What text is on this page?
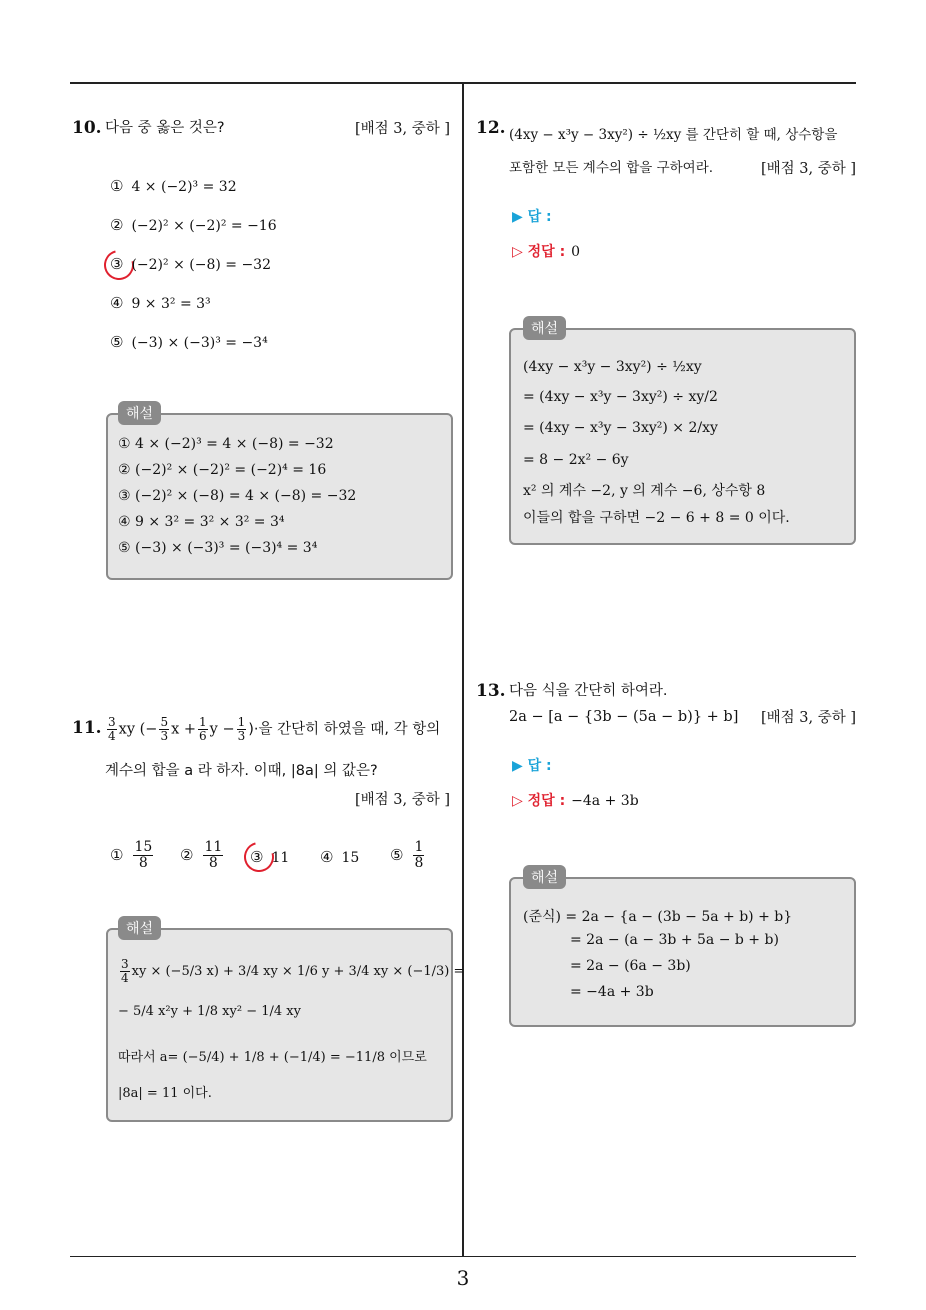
3
10. 다음 중 옳은 것은?	[배점 3, 중하 ]
① 4 × (−2)³ = 32
② (−2)² × (−2)² = −16
③ (−2)² × (−8) = −32
④ 9 × 3² = 3³
⑤ (−3) × (−3)³ = −3⁴
해설
① 4 × (−2)³ = 4 × (−8) = −32
② (−2)² × (−2)² = (−2)⁴ = 16
③ (−2)² × (−8) = 4 × (−8) = −32
④ 9 × 3² = 3² × 3² = 3⁴
⑤ (−3) × (−3)³ = (−3)⁴ = 3⁴
11. $\frac{3}{4}$ xy (− $\frac{5}{3}$ $x + \frac{1}{6}$ $y - \frac{1}{3}$ )·을 간단히 하였을 때, 각 항의
계수의 합을 a 라 하자. 이때, |8a| 의 값은?
[배점 3, 중하 ]
① $\frac{15}{8}$ ② $\frac{11}{8}$ ③ 11 ④ 15 ⑤ $\frac{1}{8}$
해설
$\frac{3}{4}$ xy × (−5/3 x) + 3/4 xy × 1/6 y + 3/4 xy × (−1/3) =
− 5/4 x²y + 1/8 xy² − 1/4 xy
따라서 a= (−5/4) + 1/8 + (−1/4) = −11/8 이므로
|8a| = 11 이다.
12. (4xy − x³y − 3xy²) ÷ ½xy 를 간단히 할 때, 상수항을
포함한 모든 계수의 합을 구하여라.	[배점 3, 중하 ]
▶ 답 :
▷ 정답 : 0
해설
(4xy − x³y − 3xy²) ÷ ½xy
= (4xy − x³y − 3xy²) ÷ xy/2
= (4xy − x³y − 3xy²) × 2/xy
= 8 − 2x² − 6y
x² 의 계수 −2, y 의 계수 −6, 상수항 8
이들의 합을 구하면 −2 − 6 + 8 = 0 이다.
13. 다음 식을 간단히 하여라.
2a − [a − {3b − (5a − b)} + b] [배점 3, 중하 ]
▶ 답 :
▷ 정답 : −4a + 3b
해설
(준식) = 2a − {a − (3b − 5a + b) + b}
= 2a − (a − 3b + 5a − b + b)
= 2a − (6a − 3b)
= −4a + 3b
